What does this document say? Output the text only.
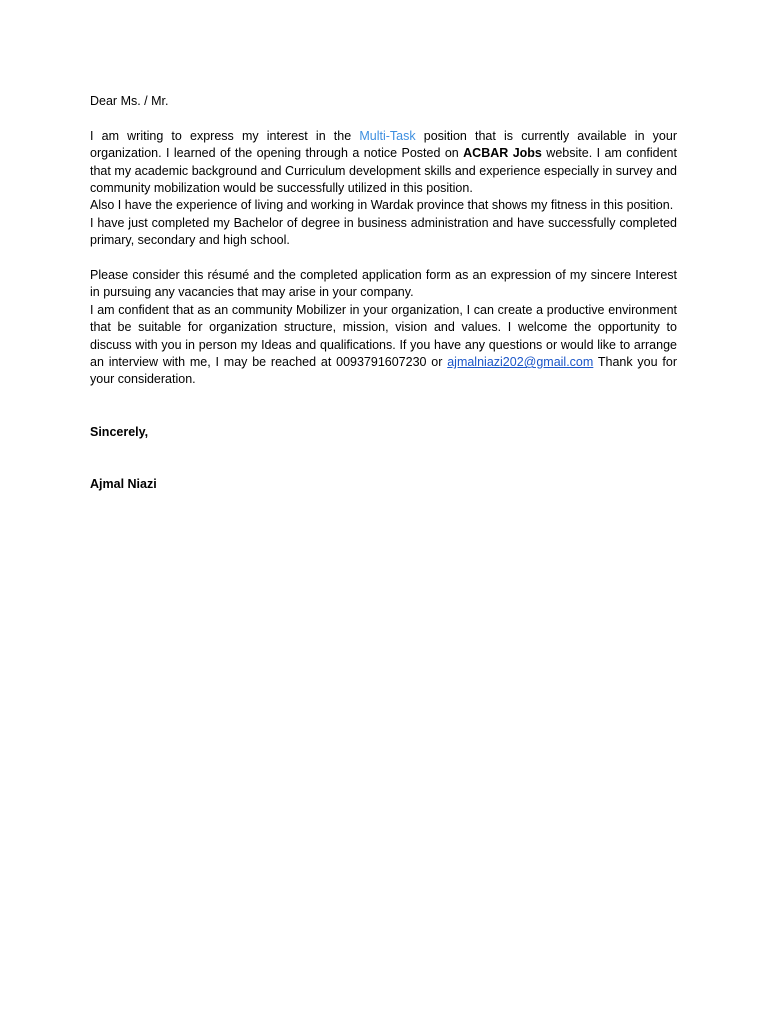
Dear Ms. / Mr.

I am writing to express my interest in the Multi-Task position that is currently available in your organization. I learned of the opening through a notice Posted on ACBAR Jobs website. I am confident that my academic background and Curriculum development skills and experience especially in survey and community mobilization would be successfully utilized in this position.

Also I have the experience of living and working in Wardak province that shows my fitness in this position.

I have just completed my Bachelor of degree in business administration and have successfully completed primary, secondary and high school.

Please consider this résumé and the completed application form as an expression of my sincere Interest in pursuing any vacancies that may arise in your company.

I am confident that as an community Mobilizer in your organization, I can create a productive environment that be suitable for organization structure, mission, vision and values. I welcome the opportunity to discuss with you in person my Ideas and qualifications. If you have any questions or would like to arrange an interview with me, I may be reached at 0093791607230 or ajmalniazi202@gmail.com Thank you for your consideration.

Sincerely,

Ajmal Niazi
